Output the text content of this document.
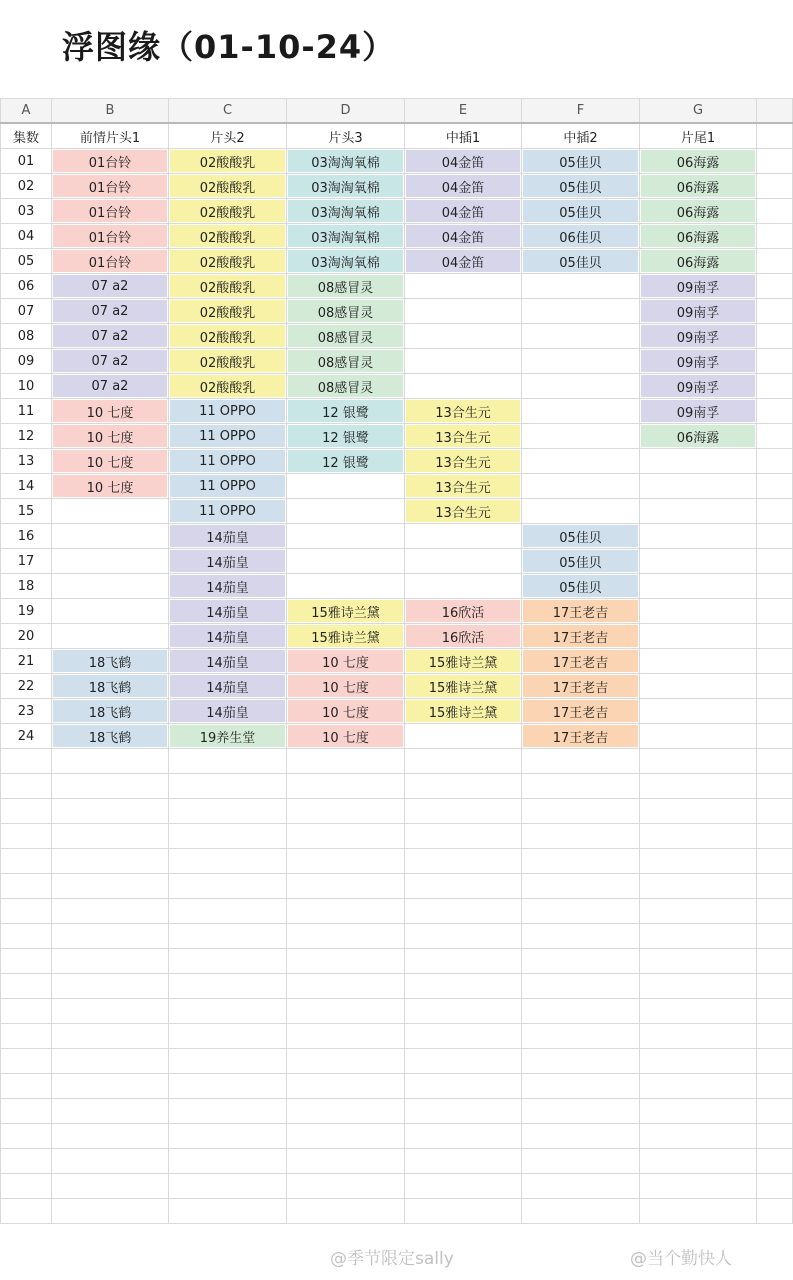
浮图缘（01-10-24）
A	B	C	D	E	F	G	
集数	前情片头1	片头2	片头3	中插1	中插2	片尾1	
01	01台铃	02酸酸乳	03淘淘氧棉	04金笛	05佳贝	06海露	
02	01台铃	02酸酸乳	03淘淘氧棉	04金笛	05佳贝	06海露	
03	01台铃	02酸酸乳	03淘淘氧棉	04金笛	05佳贝	06海露	
04	01台铃	02酸酸乳	03淘淘氧棉	04金笛	06佳贝	06海露	
05	01台铃	02酸酸乳	03淘淘氧棉	04金笛	05佳贝	06海露	
06	07 a2	02酸酸乳	08感冒灵			09南孚	
07	07 a2	02酸酸乳	08感冒灵			09南孚	
08	07 a2	02酸酸乳	08感冒灵			09南孚	
09	07 a2	02酸酸乳	08感冒灵			09南孚	
10	07 a2	02酸酸乳	08感冒灵			09南孚	
11	10 七度	11 OPPO	12 银鹭	13合生元		09南孚	
12	10 七度	11 OPPO	12 银鹭	13合生元		06海露	
13	10 七度	11 OPPO	12 银鹭	13合生元			
14	10 七度	11 OPPO		13合生元			
15		11 OPPO		13合生元			
16		14茄皇			05佳贝		
17		14茄皇			05佳贝		
18		14茄皇			05佳贝		
19		14茄皇	15雅诗兰黛	16欣活	17王老吉		
20		14茄皇	15雅诗兰黛	16欣活	17王老吉		
21	18飞鹤	14茄皇	10 七度	15雅诗兰黛	17王老吉		
22	18飞鹤	14茄皇	10 七度	15雅诗兰黛	17王老吉		
23	18飞鹤	14茄皇	10 七度	15雅诗兰黛	17王老吉		
24	18飞鹤	19养生堂	10 七度		17王老吉		

@季节限定sally	@当个勤快人
